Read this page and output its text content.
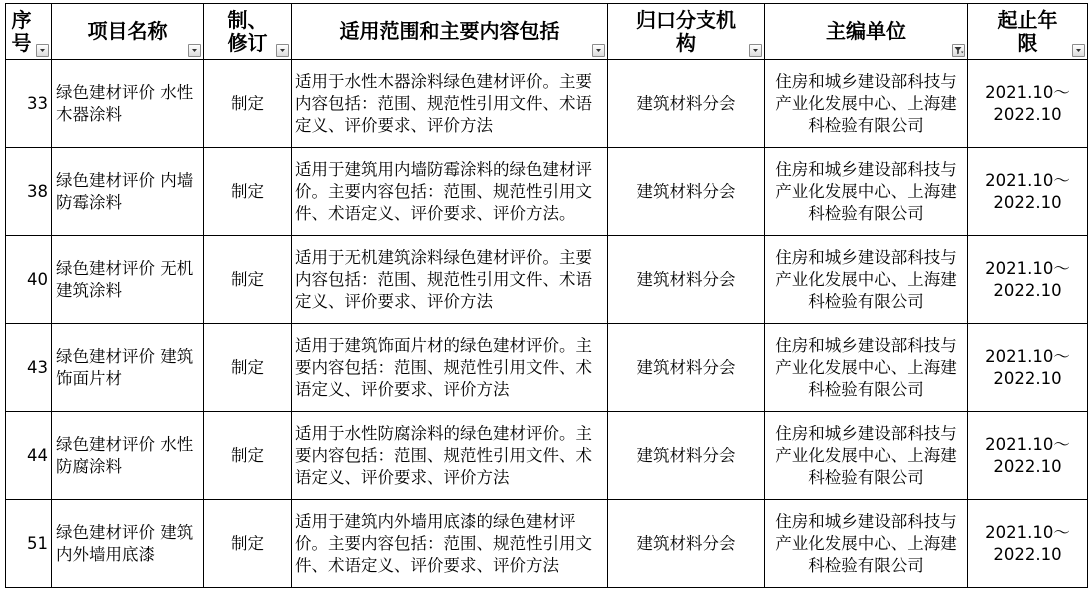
序号	项目名称	制、修订	适用范围和主要内容包括	归口分支机构	主编单位	起止年限

33	绿色建材评价 水性木器涂料	制定	适用于水性木器涂料绿色建材评价。主要内容包括：范围、规范性引用文件、术语定义、评价要求、评价方法	建筑材料分会	住房和城乡建设部科技与产业化发展中心、上海建科检验有限公司	2021.10～2022.10
38	绿色建材评价 内墙防霉涂料	制定	适用于建筑用内墙防霉涂料的绿色建材评价。主要内容包括：范围、规范性引用文件、术语定义、评价要求、评价方法。	建筑材料分会	住房和城乡建设部科技与产业化发展中心、上海建科检验有限公司	2021.10～2022.10
40	绿色建材评价 无机建筑涂料	制定	适用于无机建筑涂料绿色建材评价。主要内容包括：范围、规范性引用文件、术语定义、评价要求、评价方法	建筑材料分会	住房和城乡建设部科技与产业化发展中心、上海建科检验有限公司	2021.10～2022.10
43	绿色建材评价 建筑饰面片材	制定	适用于建筑饰面片材的绿色建材评价。主要内容包括：范围、规范性引用文件、术语定义、评价要求、评价方法	建筑材料分会	住房和城乡建设部科技与产业化发展中心、上海建科检验有限公司	2021.10～2022.10
44	绿色建材评价 水性防腐涂料	制定	适用于水性防腐涂料的绿色建材评价。主要内容包括：范围、规范性引用文件、术语定义、评价要求、评价方法	建筑材料分会	住房和城乡建设部科技与产业化发展中心、上海建科检验有限公司	2021.10～2022.10
51	绿色建材评价 建筑内外墙用底漆	制定	适用于建筑内外墙用底漆的绿色建材评价。主要内容包括：范围、规范性引用文件、术语定义、评价要求、评价方法	建筑材料分会	住房和城乡建设部科技与产业化发展中心、上海建科检验有限公司	2021.10～2022.10
